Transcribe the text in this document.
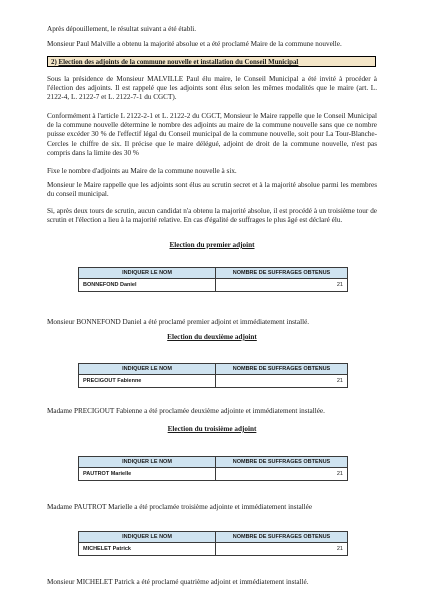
Après dépouillement, le résultat suivant a été établi.

Monsieur Paul Malville a obtenu la majorité absolue et a été proclamé Maire de la commune nouvelle.

2) Election des adjoints de la commune nouvelle et installation du Conseil Municipal

Sous la présidence de Monsieur MALVILLE Paul élu maire, le Conseil Municipal a été invité à procéder à l'élection des adjoints. Il est rappelé que les adjoints sont élus selon les mêmes modalités que le maire (art. L. 2122-4, L. 2122-7 et L. 2122-7-1 du CGCT).

Conformément à l'article L 2122-2-1 et L. 2122-2 du CGCT, Monsieur le Maire rappelle que le Conseil Municipal de la commune nouvelle détermine le nombre des adjoints au maire de la commune nouvelle sans que ce nombre puisse excéder 30 % de l'effectif légal du Conseil municipal de la commune nouvelle, soit pour La Tour-Blanche-Cercles le chiffre de six. Il précise que le maire délégué, adjoint de droit de la commune nouvelle, n'est pas compris dans la limite des 30 %

Fixe le nombre d'adjoints au Maire de la commune nouvelle à six.

Monsieur le Maire rappelle que les adjoints sont élus au scrutin secret et à la majorité absolue parmi les membres du conseil municipal.

Si, après deux tours de scrutin, aucun candidat n'a obtenu la majorité absolue, il est procédé à un troisième tour de scrutin et l'élection a lieu à la majorité relative. En cas d'égalité de suffrages le plus âgé est déclaré élu.

Election du premier adjoint
INDIQUER LE NOM	NOMBRE DE SUFFRAGES OBTENUS
BONNEFOND Daniel	21

Monsieur BONNEFOND Daniel a été proclamé premier adjoint et immédiatement installé.

Election du deuxième adjoint
INDIQUER LE NOM	NOMBRE DE SUFFRAGES OBTENUS
PRECIGOUT Fabienne	21

Madame PRECIGOUT Fabienne a été proclamée deuxième adjointe et immédiatement installée.

Election du troisième adjoint
INDIQUER LE NOM	NOMBRE DE SUFFRAGES OBTENUS
PAUTROT Marielle	21

Madame PAUTROT Marielle a été proclamée troisième adjointe et immédiatement installée

INDIQUER LE NOM	NOMBRE DE SUFFRAGES OBTENUS
MICHELET Patrick	21

Monsieur MICHELET Patrick a été proclamé quatrième adjoint et immédiatement installé.
